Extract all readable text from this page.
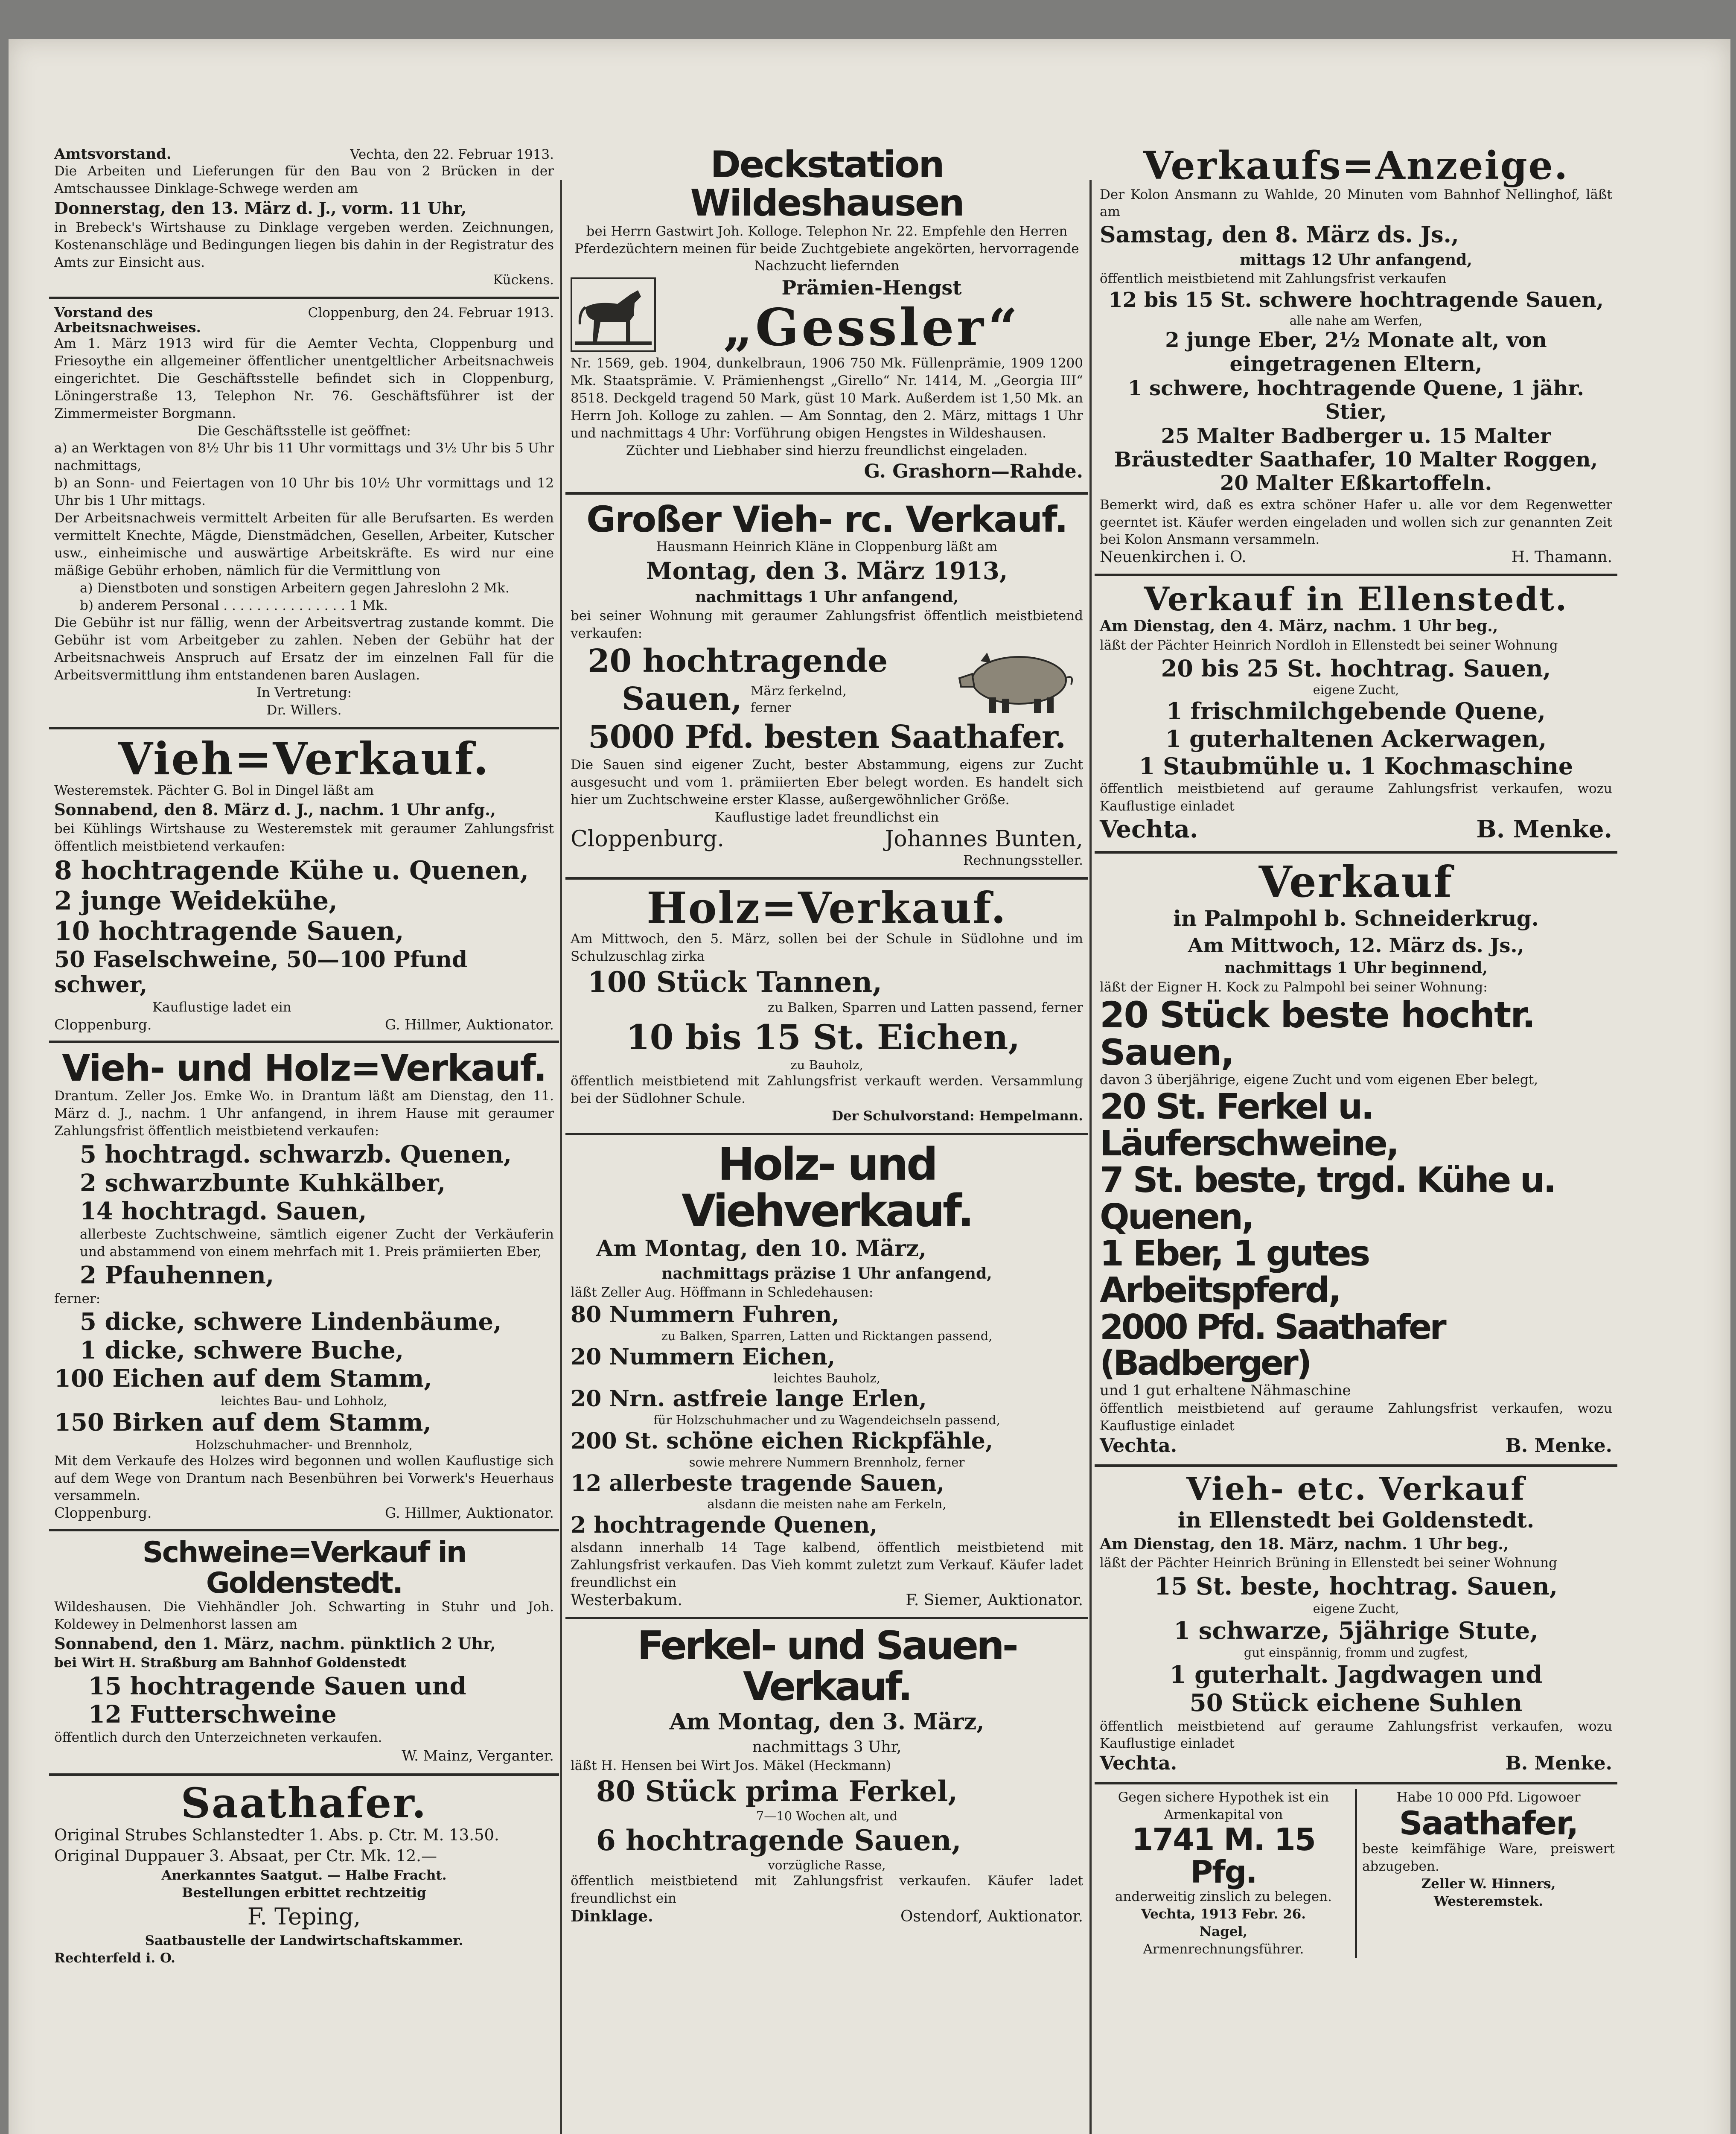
Amtsvorstand.	Vechta, den 22. Februar 1913.

Die Arbeiten und Lieferungen für den Bau von 2 Brücken in der Amtschaussee Dinklage-Schwege werden am

Donnerstag, den 13. März d. J., vorm. 11 Uhr,

in Brebeck's Wirtshause zu Dinklage vergeben werden. Zeichnungen, Kostenanschläge und Bedingungen liegen bis dahin in der Registratur des Amts zur Einsicht aus.

Kückens.

Vorstand des
Arbeitsnachweises.
Cloppenburg, den 24. Februar 1913.

Am 1. März 1913 wird für die Aemter Vechta, Cloppenburg und Friesoythe ein allgemeiner öffentlicher unentgeltlicher Arbeitsnachweis eingerichtet. Die Geschäftsstelle befindet sich in Cloppenburg, Löningerstraße 13, Telephon Nr. 76. Geschäftsführer ist der Zimmermeister Borgmann.

Die Geschäftsstelle ist geöffnet:

a) an Werktagen von 8½ Uhr bis 11 Uhr vormittags und 3½ Uhr bis 5 Uhr nachmittags,

b) an Sonn- und Feiertagen von 10 Uhr bis 10½ Uhr vormittags und 12 Uhr bis 1 Uhr mittags.

Der Arbeitsnachweis vermittelt Arbeiten für alle Berufsarten. Es werden vermittelt Knechte, Mägde, Dienstmädchen, Gesellen, Arbeiter, Kutscher usw., einheimische und auswärtige Arbeitskräfte. Es wird nur eine mäßige Gebühr erhoben, nämlich für die Vermittlung von

a) Dienstboten und sonstigen Arbeitern gegen Jahreslohn 2 Mk.

b) anderem Personal . . . . . . . . . . . . . . . 1 Mk.

Die Gebühr ist nur fällig, wenn der Arbeitsvertrag zustande kommt. Die Gebühr ist vom Arbeitgeber zu zahlen. Neben der Gebühr hat der Arbeitsnachweis Anspruch auf Ersatz der im einzelnen Fall für die Arbeitsvermittlung ihm entstandenen baren Auslagen.

In Vertretung:

Dr. Willers.

Vieh=Verkauf.

Westeremstek. Pächter G. Bol in Dingel läßt am

Sonnabend, den 8. März d. J., nachm. 1 Uhr anfg.,

bei Kühlings Wirtshause zu Westeremstek mit geraumer Zahlungsfrist öffentlich meistbietend verkaufen:

8 hochtragende Kühe u. Quenen,
2 junge Weidekühe,
10 hochtragende Sauen,
50 Faselschweine, 50—100 Pfund schwer,

Kauflustige ladet ein

Cloppenburg.	G. Hillmer, Auktionator.
Vieh- und Holz=Verkauf.

Drantum. Zeller Jos. Emke Wo. in Drantum läßt am Dienstag, den 11. März d. J., nachm. 1 Uhr anfangend, in ihrem Hause mit geraumer Zahlungsfrist öffentlich meistbietend verkaufen:

5 hochtragd. schwarzb. Quenen,
2 schwarzbunte Kuhkälber,
14 hochtragd. Sauen,

allerbeste Zuchtschweine, sämtlich eigener Zucht der Verkäuferin und abstammend von einem mehrfach mit 1. Preis prämiierten Eber,

2 Pfauhennen,

ferner:

5 dicke, schwere Lindenbäume,
1 dicke, schwere Buche,
100 Eichen auf dem Stamm,

leichtes Bau- und Lohholz,

150 Birken auf dem Stamm,

Holzschuhmacher- und Brennholz,

Mit dem Verkaufe des Holzes wird begonnen und wollen Kauflustige sich auf dem Wege von Drantum nach Besenbühren bei Vorwerk's Heuerhaus versammeln.

Cloppenburg.	G. Hillmer, Auktionator.
Schweine=Verkauf in Goldenstedt.

Wildeshausen. Die Viehhändler Joh. Schwarting in Stuhr und Joh. Koldewey in Delmenhorst lassen am

Sonnabend, den 1. März, nachm. pünktlich 2 Uhr,

bei Wirt H. Straßburg am Bahnhof Goldenstedt

15 hochtragende Sauen und
12 Futterschweine

öffentlich durch den Unterzeichneten verkaufen.

W. Mainz, Verganter.

Saathafer.

Original Strubes Schlanstedter 1. Abs. p. Ctr. M. 13.50.

Original Duppauer 3. Absaat, per Ctr. Mk. 12.—

Anerkanntes Saatgut. — Halbe Fracht.

Bestellungen erbittet rechtzeitig

F. Teping,

Saatbaustelle der Landwirtschaftskammer.

Rechterfeld i. O.

Deckstation Wildeshausen

bei Herrn Gastwirt Joh. Kolloge. Telephon Nr. 22. Empfehle den Herren Pferdezüchtern meinen für beide Zuchtgebiete angekörten, hervorragende Nachzucht liefernden

Prämien-Hengst
„Gessler“

Nr. 1569, geb. 1904, dunkelbraun, 1906 750 Mk. Füllenprämie, 1909 1200 Mk. Staatsprämie. V. Prämienhengst „Girello“ Nr. 1414, M. „Georgia III“ 8518. Deckgeld tragend 50 Mark, güst 10 Mark. Außerdem ist 1,50 Mk. an Herrn Joh. Kolloge zu zahlen. — Am Sonntag, den 2. März, mittags 1 Uhr und nachmittags 4 Uhr: Vorführung obigen Hengstes in Wildeshausen.

Züchter und Liebhaber sind hierzu freundlichst eingeladen.

G. Grashorn—Rahde.

Großer Vieh- rc. Verkauf.

Hausmann Heinrich Kläne in Cloppenburg läßt am

Montag, den 3. März 1913,

nachmittags 1 Uhr anfangend,

bei seiner Wohnung mit geraumer Zahlungsfrist öffentlich meistbietend verkaufen:

20 hochtragende
Sauen, März ferkelnd,
ferner
5000 Pfd. besten Saathafer.

Die Sauen sind eigener Zucht, bester Abstammung, eigens zur Zucht ausgesucht und vom 1. prämiierten Eber belegt worden. Es handelt sich hier um Zuchtschweine erster Klasse, außergewöhnlicher Größe.

Kauflustige ladet freundlichst ein

Cloppenburg.	Johannes Bunten,

Rechnungssteller.

Holz=Verkauf.

Am Mittwoch, den 5. März, sollen bei der Schule in Südlohne und im Schulzuschlag zirka

100 Stück Tannen,

zu Balken, Sparren und Latten passend, ferner

10 bis 15 St. Eichen,

zu Bauholz,

öffentlich meistbietend mit Zahlungsfrist verkauft werden. Versammlung bei der Südlohner Schule.

Der Schulvorstand: Hempelmann.

Holz- und Viehverkauf.

Am Montag, den 10. März,

nachmittags präzise 1 Uhr anfangend,

läßt Zeller Aug. Höffmann in Schledehausen:

80 Nummern Fuhren,

zu Balken, Sparren, Latten und Ricktangen passend,

20 Nummern Eichen,

leichtes Bauholz,

20 Nrn. astfreie lange Erlen,

für Holzschuhmacher und zu Wagendeichseln passend,

200 St. schöne eichen Rickpfähle,

sowie mehrere Nummern Brennholz, ferner

12 allerbeste tragende Sauen,

alsdann die meisten nahe am Ferkeln,

2 hochtragende Quenen,

alsdann innerhalb 14 Tage kalbend, öffentlich meistbietend mit Zahlungsfrist verkaufen. Das Vieh kommt zuletzt zum Verkauf. Käufer ladet freundlichst ein

Westerbakum.	F. Siemer, Auktionator.
Ferkel- und Sauen-Verkauf.

Am Montag, den 3. März,

nachmittags 3 Uhr,

läßt H. Hensen bei Wirt Jos. Mäkel (Heckmann)

80 Stück prima Ferkel,

7—10 Wochen alt, und

6 hochtragende Sauen,

vorzügliche Rasse,

öffentlich meistbietend mit Zahlungsfrist verkaufen. Käufer ladet freundlichst ein

Dinklage.	Ostendorf, Auktionator.
Verkaufs=Anzeige.

Der Kolon Ansmann zu Wahlde, 20 Minuten vom Bahnhof Nellinghof, läßt am

Samstag, den 8. März ds. Js.,

mittags 12 Uhr anfangend,

öffentlich meistbietend mit Zahlungsfrist verkaufen

12 bis 15 St. schwere hochtragende Sauen,

alle nahe am Werfen,

2 junge Eber, 2½ Monate alt, von eingetragenen Eltern,
1 schwere, hochtragende Quene, 1 jähr. Stier,
25 Malter Badberger u. 15 Malter Bräustedter Saathafer, 10 Malter Roggen, 20 Malter Eßkartoffeln.

Bemerkt wird, daß es extra schöner Hafer u. alle vor dem Regenwetter geerntet ist. Käufer werden eingeladen und wollen sich zur genannten Zeit bei Kolon Ansmann versammeln.

Neuenkirchen i. O.	H. Thamann.
Verkauf in Ellenstedt.

Am Dienstag, den 4. März, nachm. 1 Uhr beg.,

läßt der Pächter Heinrich Nordloh in Ellenstedt bei seiner Wohnung

20 bis 25 St. hochtrag. Sauen,

eigene Zucht,

1 frischmilchgebende Quene,
1 guterhaltenen Ackerwagen,
1 Staubmühle u. 1 Kochmaschine

öffentlich meistbietend auf geraume Zahlungsfrist verkaufen, wozu Kauflustige einladet

Vechta.	B. Menke.
Verkauf
in Palmpohl b. Schneiderkrug.

Am Mittwoch, 12. März ds. Js.,

nachmittags 1 Uhr beginnend,

läßt der Eigner H. Kock zu Palmpohl bei seiner Wohnung:

20 Stück beste hochtr. Sauen,

davon 3 überjährige, eigene Zucht und vom eigenen Eber belegt,

20 St. Ferkel u. Läuferschweine,
7 St. beste, trgd. Kühe u. Quenen,
1 Eber, 1 gutes Arbeitspferd,
2000 Pfd. Saathafer (Badberger)

und 1 gut erhaltene Nähmaschine

öffentlich meistbietend auf geraume Zahlungsfrist verkaufen, wozu Kauflustige einladet

Vechta.	B. Menke.
Vieh- etc. Verkauf
in Ellenstedt bei Goldenstedt.

Am Dienstag, den 18. März, nachm. 1 Uhr beg.,

läßt der Pächter Heinrich Brüning in Ellenstedt bei seiner Wohnung

15 St. beste, hochtrag. Sauen,

eigene Zucht,

1 schwarze, 5jährige Stute,

gut einspännig, fromm und zugfest,

1 guterhalt. Jagdwagen und
50 Stück eichene Suhlen

öffentlich meistbietend auf geraume Zahlungsfrist verkaufen, wozu Kauflustige einladet

Vechta.	B. Menke.

Gegen sichere Hypothek ist ein Armenkapital von

1741 M. 15 Pfg.

anderweitig zinslich zu belegen.

Vechta, 1913 Febr. 26.

Nagel,

Armenrechnungsführer.

Habe 10 000 Pfd. Ligowoer

Saathafer,

beste keimfähige Ware, preiswert abzugeben.

Zeller W. Hinners,

Westeremstek.
